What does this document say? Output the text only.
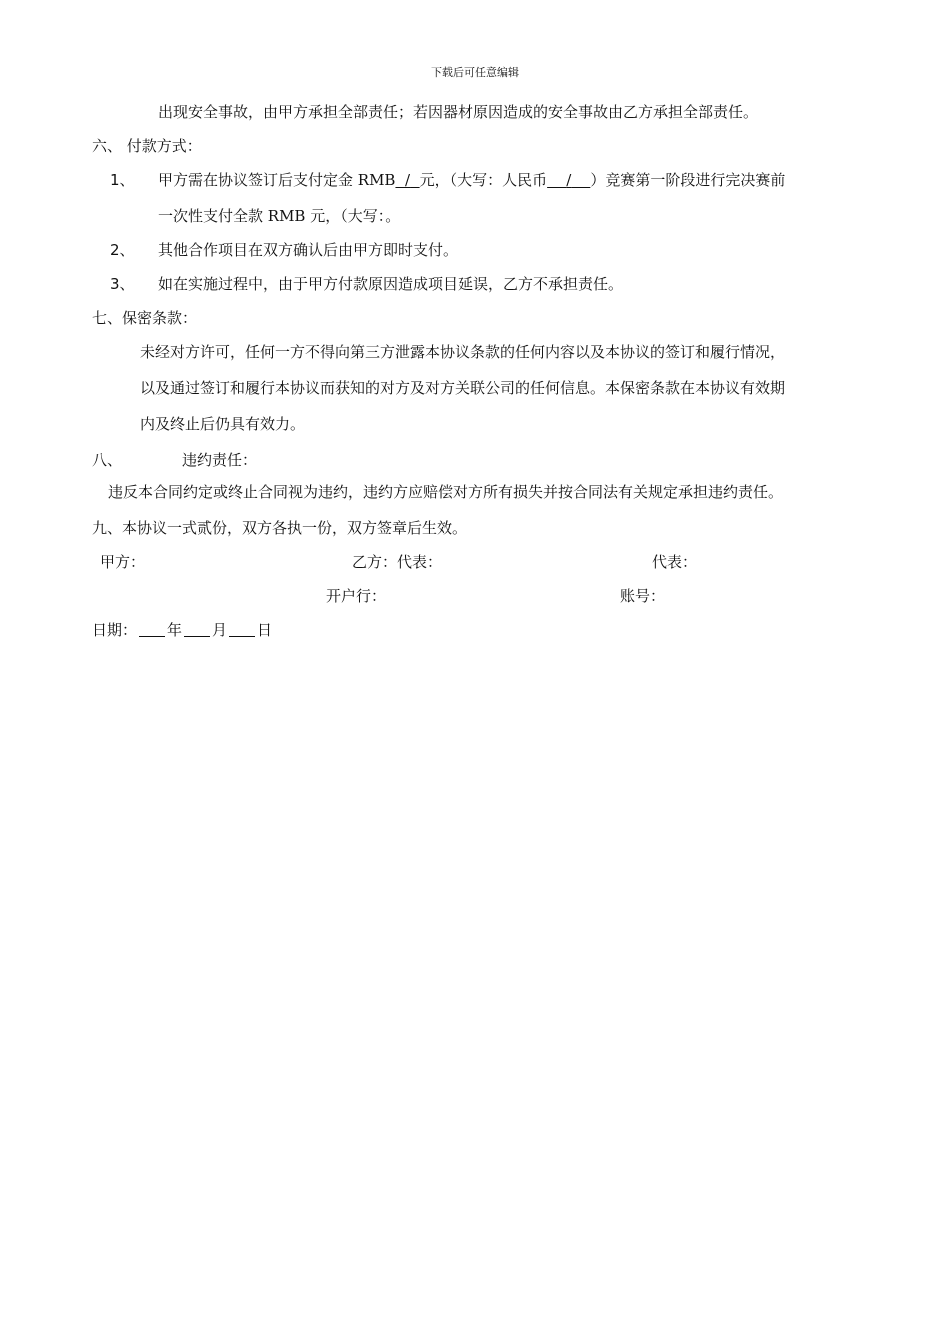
下载后可任意编辑
出现安全事故，由甲方承担全部责任；若因器材原因造成的安全事故由乙方承担全部责任。
六、 付款方式：
1、 甲方需在协议签订后支付定金 RMB / 元，（大写：人民币 / ）竞赛第一阶段进行完决赛前
一次性支付全款 RMB 元，（大写：。
2、 其他合作项目在双方确认后由甲方即时支付。
3、 如在实施过程中，由于甲方付款原因造成项目延误，乙方不承担责任。
七、保密条款：
未经对方许可，任何一方不得向第三方泄露本协议条款的任何内容以及本协议的签订和履行情况，
以及通过签订和履行本协议而获知的对方及对方关联公司的任何信息。本保密条款在本协议有效期
内及终止后仍具有效力。
八、	违约责任：
违反本合同约定或终止合同视为违约，违约方应赔偿对方所有损失并按合同法有关规定承担违约责任。
九、本协议一式贰份，双方各执一份，双方签章后生效。
甲方：	乙方：代表：	代表：
开户行：	账号：
日期： 年 月 日
